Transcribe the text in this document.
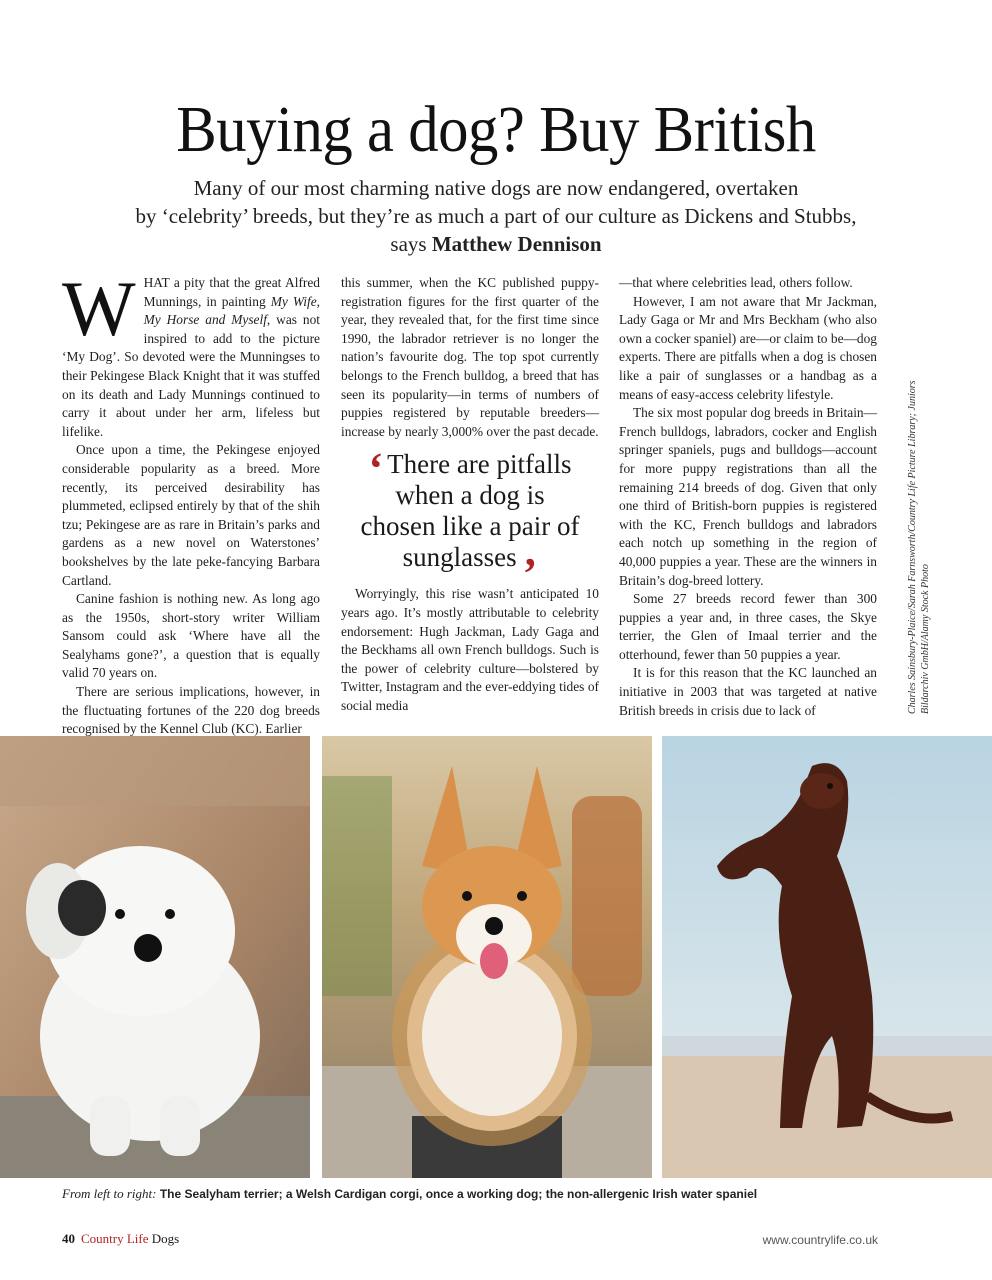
Buying a dog? Buy British
Many of our most charming native dogs are now endangered, overtaken
by ‘celebrity’ breeds, but they’re as much a part of our culture as Dickens and Stubbs,
says Matthew Dennison

WHAT a pity that the great Alfred Munnings, in painting My Wife, My Horse and Myself, was not inspired to add to the picture ‘My Dog’. So devoted were the Munningses to their Pekingese Black Knight that it was stuffed on its death and Lady Munnings continued to carry it about under her arm, lifeless but lifelike.

Once upon a time, the Pekingese enjoyed considerable popularity as a breed. More recently, its perceived desirability has plummeted, eclipsed entirely by that of the shih tzu; Pekingese are as rare in Britain’s parks and gardens as a new novel on Waterstones’ bookshelves by the late peke-fancying Barbara Cartland.

Canine fashion is nothing new. As long ago as the 1950s, short-story writer William Sansom could ask ‘Where have all the Sealyhams gone?’, a question that is equally valid 70 years on.

There are serious implications, however, in the fluctuating fortunes of the 220 dog breeds recognised by the Kennel Club (KC). Earlier

this summer, when the KC published puppy-registration figures for the first quarter of the year, they revealed that, for the first time since 1990, the labrador retriever is no longer the nation’s favourite dog. The top spot currently belongs to the French bulldog, a breed that has seen its popularity—in terms of numbers of puppies registered by reputable breeders—increase by nearly 3,000% over the past decade.

‘ There are pitfalls when a dog is chosen like a pair of sunglasses ’

Worryingly, this rise wasn’t anticipated 10 years ago. It’s mostly attributable to celebrity endorsement: Hugh Jackman, Lady Gaga and the Beckhams all own French bulldogs. Such is the power of celebrity culture—bolstered by Twitter, Instagram and the ever-eddying tides of social media

—that where celebrities lead, others follow.

However, I am not aware that Mr Jackman, Lady Gaga or Mr and Mrs Beckham (who also own a cocker spaniel) are—or claim to be—dog experts. There are pitfalls when a dog is chosen like a pair of sunglasses or a handbag as a means of easy-access celebrity lifestyle.

The six most popular dog breeds in Britain—French bulldogs, labradors, cocker and English springer spaniels, pugs and bulldogs—account for more puppy registrations than all the remaining 214 breeds of dog. Given that only one third of British-born puppies is registered with the KC, French bulldogs and labradors each notch up something in the region of 40,000 puppies a year. These are the winners in Britain’s dog-breed lottery.

Some 27 breeds record fewer than 300 puppies a year and, in three cases, the Skye terrier, the Glen of Imaal terrier and the otterhound, fewer than 50 puppies a year.

It is for this reason that the KC launched an initiative in 2003 that was targeted at native British breeds in crisis due to lack of	Charles Sainsbury-Plaice/Sarah Farnsworth/Country Life Picture Library; Juniors Bildarchiv GmbH/Alamy Stock Photo
From left to right: The Sealyham terrier; a Welsh Cardigan corgi, once a working dog; the non-allergenic Irish water spaniel
40 Country Life Dogs	www.countrylife.co.uk
